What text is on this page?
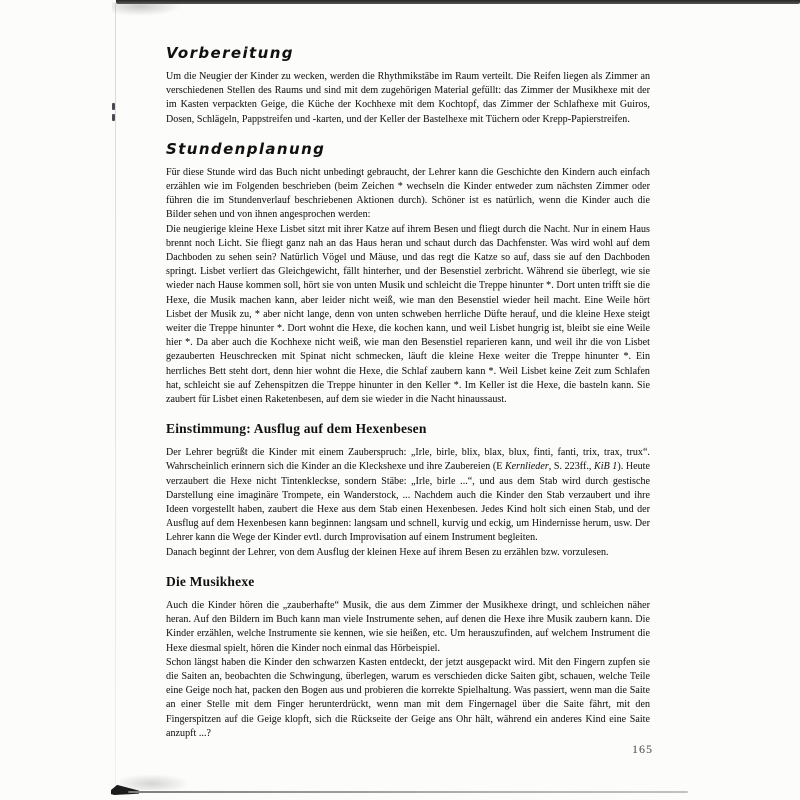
Vorbereitung

Um die Neugier der Kinder zu wecken, werden die Rhythmikstäbe im Raum verteilt. Die Reifen liegen als Zimmer an verschiedenen Stellen des Raums und sind mit dem zugehörigen Material gefüllt: das Zimmer der Musikhexe mit der im Kasten verpackten Geige, die Küche der Kochhexe mit dem Kochtopf, das Zimmer der Schlafhexe mit Guiros, Dosen, Schlägeln, Pappstreifen und -karten, und der Keller der Bastelhexe mit Tüchern oder Krepp-Papierstreifen.

Stundenplanung

Für diese Stunde wird das Buch nicht unbedingt gebraucht, der Lehrer kann die Geschichte den Kindern auch einfach erzählen wie im Folgenden beschrieben (beim Zeichen * wechseln die Kinder entweder zum nächsten Zimmer oder führen die im Stundenverlauf beschriebenen Aktionen durch). Schöner ist es natürlich, wenn die Kinder auch die Bilder sehen und von ihnen angesprochen werden:

Die neugierige kleine Hexe Lisbet sitzt mit ihrer Katze auf ihrem Besen und fliegt durch die Nacht. Nur in einem Haus brennt noch Licht. Sie fliegt ganz nah an das Haus heran und schaut durch das Dachfenster. Was wird wohl auf dem Dachboden zu sehen sein? Natürlich Vögel und Mäuse, und das regt die Katze so auf, dass sie auf den Dachboden springt. Lisbet verliert das Gleichgewicht, fällt hinterher, und der Besenstiel zerbricht. Während sie überlegt, wie sie wieder nach Hause kommen soll, hört sie von unten Musik und schleicht die Treppe hinunter *. Dort unten trifft sie die Hexe, die Musik machen kann, aber leider nicht weiß, wie man den Besenstiel wieder heil macht. Eine Weile hört Lisbet der Musik zu, * aber nicht lange, denn von unten schweben herrliche Düfte herauf, und die kleine Hexe steigt weiter die Treppe hinunter *. Dort wohnt die Hexe, die kochen kann, und weil Lisbet hungrig ist, bleibt sie eine Weile hier *. Da aber auch die Kochhexe nicht weiß, wie man den Besenstiel reparieren kann, und weil ihr die von Lisbet gezauberten Heuschrecken mit Spinat nicht schmecken, läuft die kleine Hexe weiter die Treppe hinunter *. Ein herrliches Bett steht dort, denn hier wohnt die Hexe, die Schlaf zaubern kann *. Weil Lisbet keine Zeit zum Schlafen hat, schleicht sie auf Zehenspitzen die Treppe hinunter in den Keller *. Im Keller ist die Hexe, die basteln kann. Sie zaubert für Lisbet einen Raketenbesen, auf dem sie wieder in die Nacht hinaussaust.

Einstimmung: Ausflug auf dem Hexenbesen

Der Lehrer begrüßt die Kinder mit einem Zauberspruch: „Irle, birle, blix, blax, blux, finti, fanti, trix, trax, trux“. Wahrscheinlich erinnern sich die Kinder an die Kleckshexe und ihre Zaubereien (E Kernlieder, S. 223ff., KiB 1). Heute verzaubert die Hexe nicht Tintenkleckse, sondern Stäbe: „Irle, birle ...“, und aus dem Stab wird durch gestische Darstellung eine imaginäre Trompete, ein Wanderstock, ... Nachdem auch die Kinder den Stab verzaubert und ihre Ideen vorgestellt haben, zaubert die Hexe aus dem Stab einen Hexenbesen. Jedes Kind holt sich einen Stab, und der Ausflug auf dem Hexenbesen kann beginnen: langsam und schnell, kurvig und eckig, um Hindernisse herum, usw. Der Lehrer kann die Wege der Kinder evtl. durch Improvisation auf einem Instrument begleiten.

Danach beginnt der Lehrer, von dem Ausflug der kleinen Hexe auf ihrem Besen zu erzählen bzw. vorzulesen.

Die Musikhexe

Auch die Kinder hören die „zauberhafte“ Musik, die aus dem Zimmer der Musikhexe dringt, und schleichen näher heran. Auf den Bildern im Buch kann man viele Instrumente sehen, auf denen die Hexe ihre Musik zaubern kann. Die Kinder erzählen, welche Instrumente sie kennen, wie sie heißen, etc. Um herauszufinden, auf welchem Instrument die Hexe diesmal spielt, hören die Kinder noch einmal das Hörbeispiel.

Schon längst haben die Kinder den schwarzen Kasten entdeckt, der jetzt ausgepackt wird. Mit den Fingern zupfen sie die Saiten an, beobachten die Schwingung, überlegen, warum es verschieden dicke Saiten gibt, schauen, welche Teile eine Geige noch hat, packen den Bogen aus und probieren die korrekte Spielhaltung. Was passiert, wenn man die Saite an einer Stelle mit dem Finger herunterdrückt, wenn man mit dem Fingernagel über die Saite fährt, mit den Fingerspitzen auf die Geige klopft, sich die Rückseite der Geige ans Ohr hält, während ein anderes Kind eine Saite anzupft ...?

165
